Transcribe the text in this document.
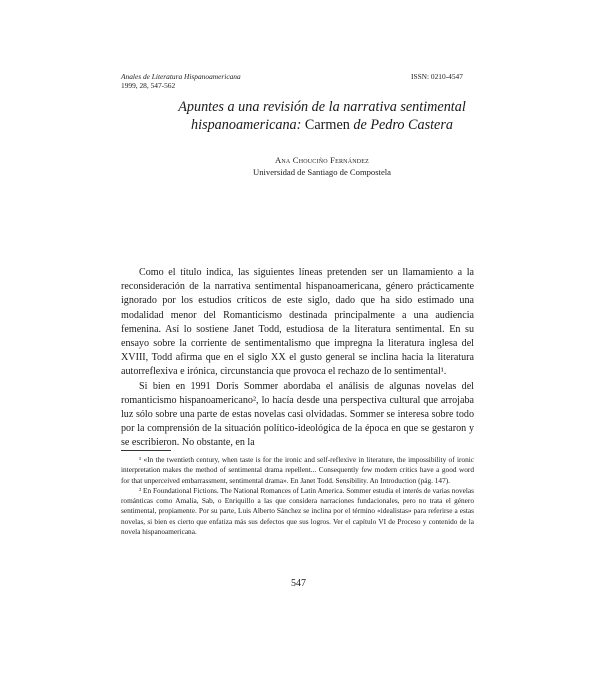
Anales de Literatura Hispanoamericana
1999, 28, 547-562
ISSN: 0210-4547
Apuntes a una revisión de la narrativa sentimental hispanoamericana: Carmen de Pedro Castera
Ana Chouciño Fernández
Universidad de Santiago de Compostela

Como el título indica, las siguientes líneas pretenden ser un llamamiento a la reconsideración de la narrativa sentimental hispanoamericana, género prácticamente ignorado por los estudios críticos de este siglo, dado que ha sido estimado una modalidad menor del Romanticismo destinada principalmente a una audiencia femenina. Así lo sostiene Janet Todd, estudiosa de la literatura sentimental. En su ensayo sobre la corriente de sentimentalismo que impregna la literatura inglesa del XVIII, Todd afirma que en el siglo XX el gusto general se inclina hacia la literatura autorreflexiva e irónica, circunstancia que provoca el rechazo de lo sentimental¹.

Si bien en 1991 Doris Sommer abordaba el análisis de algunas novelas del romanticismo hispanoamericano², lo hacía desde una perspectiva cultural que arrojaba luz sólo sobre una parte de estas novelas casi olvidadas. Sommer se interesa sobre todo por la comprensión de la situación político-ideológica de la época en que se gestaron y se escribieron. No obstante, en la

¹ «In the twentieth century, when taste is for the ironic and self-reflexive in literature, the impossibility of ironic interpretation makes the method of sentimental drama repellent... Consequently few modern critics have a good word for that unperceived embarrassment, sentimental drama». En Janet Todd. Sensibility. An Introduction (pág. 147).

² En Foundational Fictions. The National Romances of Latin America. Sommer estudia el interés de varias novelas románticas como Amalia, Sab, o Enriquillo a las que considera narraciones fundacionales, pero no trata el género sentimental, propiamente. Por su parte, Luis Alberto Sánchez se inclina por el término «idealistas» para referirse a estas novelas, si bien es cierto que enfatiza más sus defectos que sus logros. Ver el capítulo VI de Proceso y contenido de la novela hispanoamericana.

547
